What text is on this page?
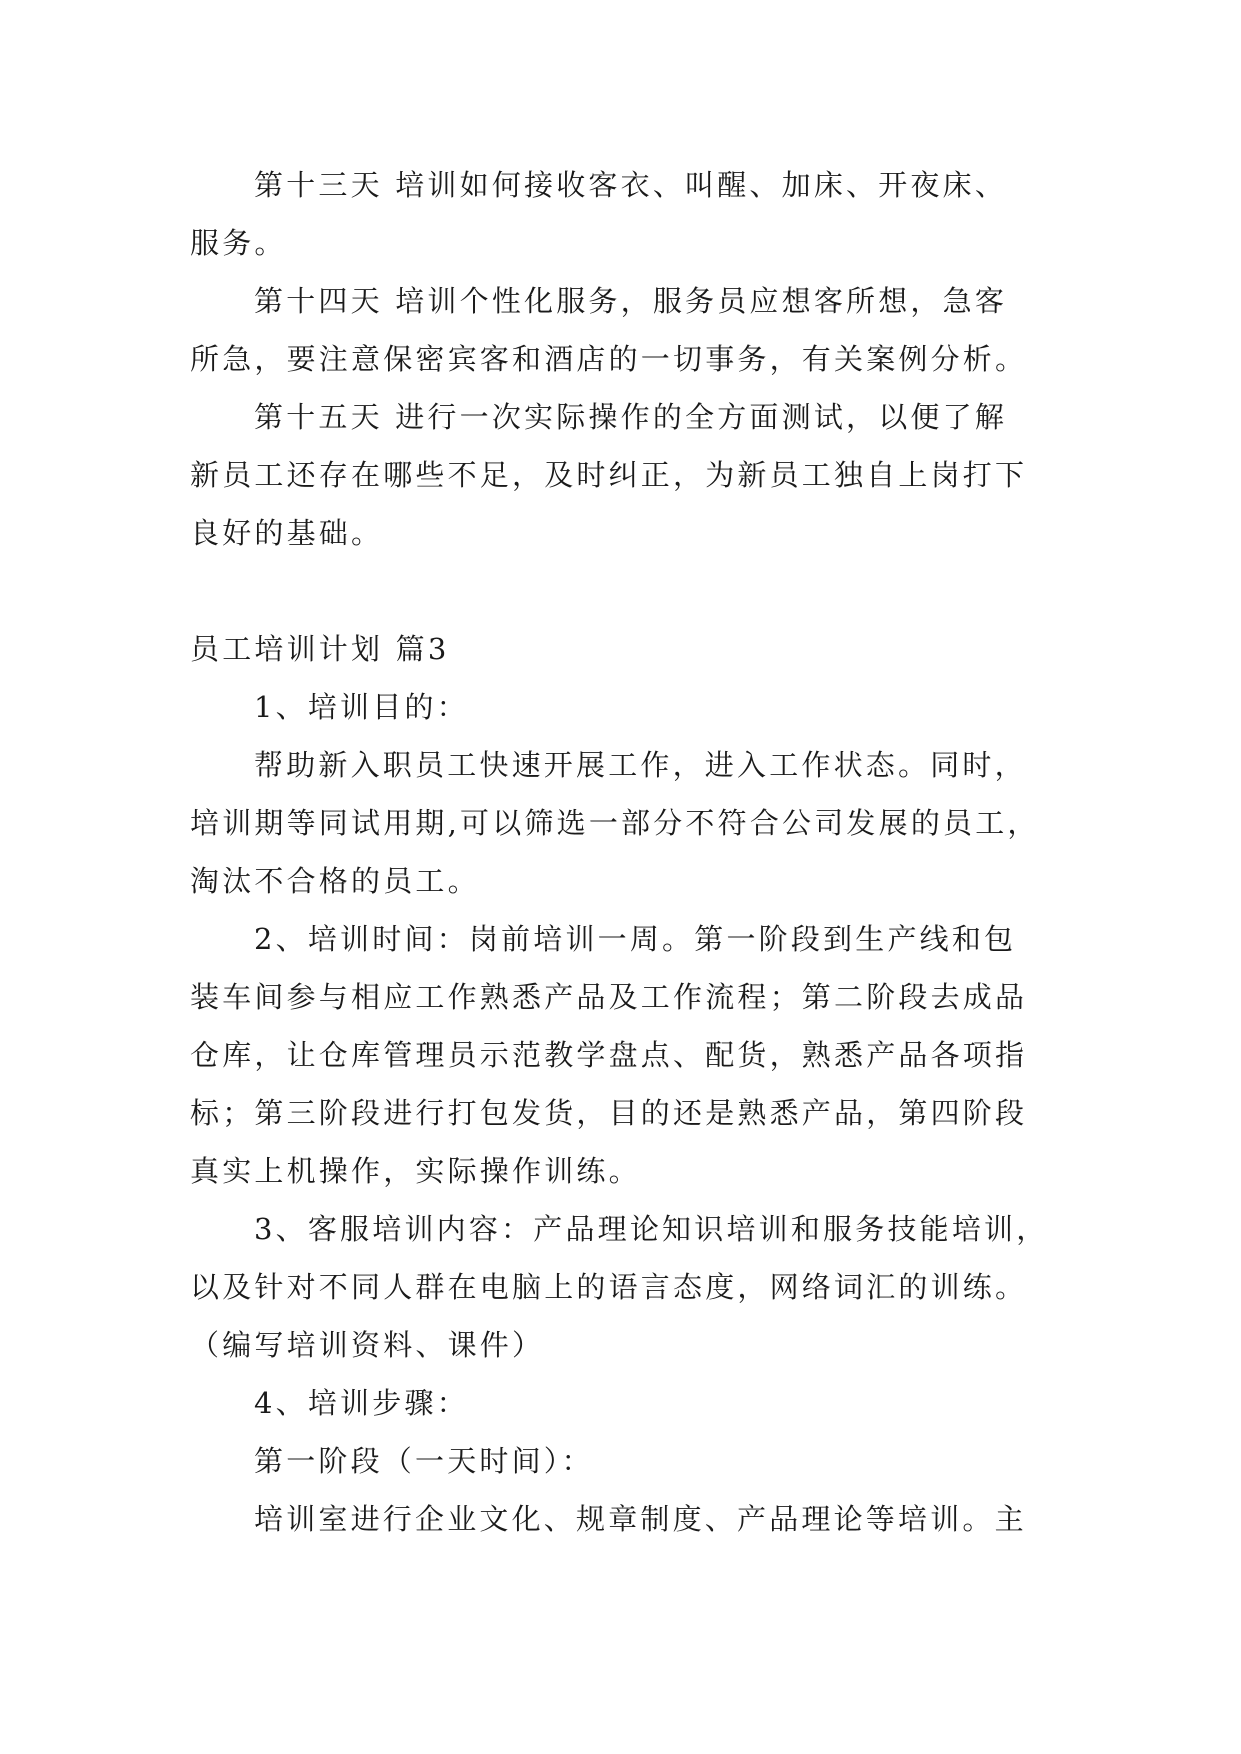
第十三天 培训如何接收客衣、叫醒、加床、开夜床、
服务。

第十四天 培训个性化服务，服务员应想客所想，急客
所急，要注意保密宾客和酒店的一切事务，有关案例分析。

第十五天 进行一次实际操作的全方面测试，以便了解
新员工还存在哪些不足，及时纠正，为新员工独自上岗打下
良好的基础。

员工培训计划 篇3

1、培训目的：

帮助新入职员工快速开展工作，进入工作状态。同时，
培训期等同试用期,可以筛选一部分不符合公司发展的员工，
淘汰不合格的员工。

2、培训时间：岗前培训一周。第一阶段到生产线和包
装车间参与相应工作熟悉产品及工作流程；第二阶段去成品
仓库，让仓库管理员示范教学盘点、配货，熟悉产品各项指
标；第三阶段进行打包发货，目的还是熟悉产品，第四阶段
真实上机操作，实际操作训练。

3、客服培训内容：产品理论知识培训和服务技能培训，
以及针对不同人群在电脑上的语言态度，网络词汇的训练。
（编写培训资料、课件）

4、培训步骤：

第一阶段（一天时间）：

培训室进行企业文化、规章制度、产品理论等培训。主
